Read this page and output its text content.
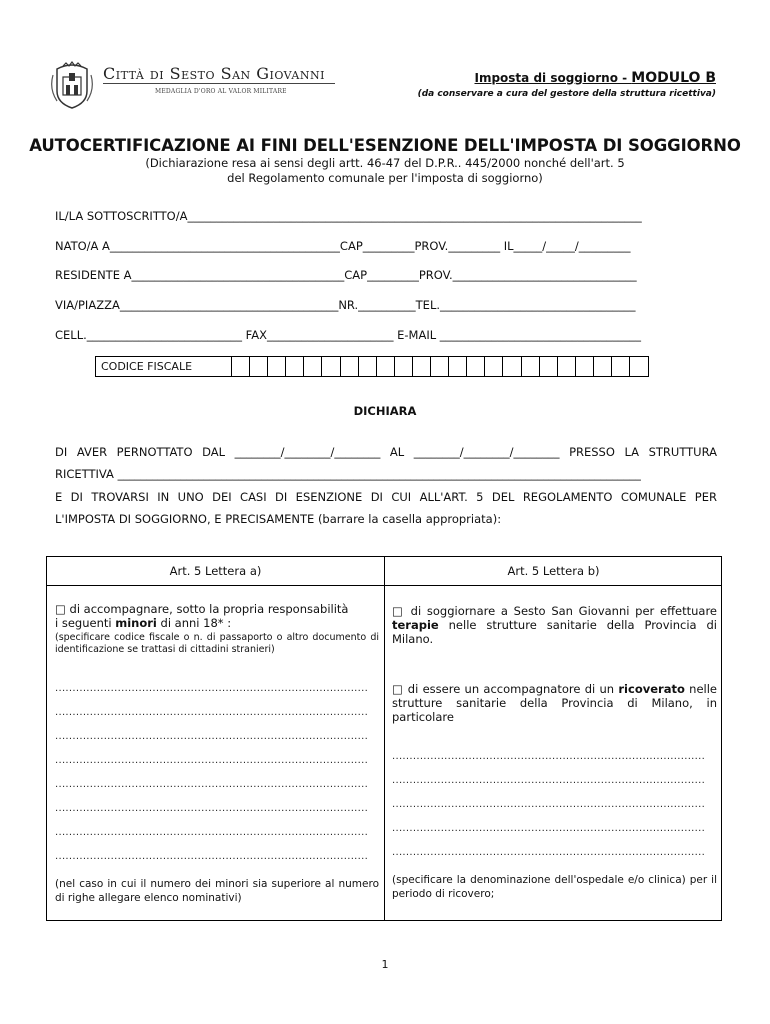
Città di Sesto San Giovanni
MEDAGLIA D'ORO AL VALOR MILITARE
Imposta di soggiorno - MODULO B
(da conservare a cura del gestore della struttura ricettiva)
AUTOCERTIFICAZIONE AI FINI DELL'ESENZIONE DELL'IMPOSTA DI SOGGIORNO
(Dichiarazione resa ai sensi degli artt. 46-47 del D.P.R.. 445/2000 nonché dell'art. 5
del Regolamento comunale per l'imposta di soggiorno)
IL/LA SOTTOSCRITTO/A_______________________________________________________________________________
NATO/A A________________________________________CAP_________PROV._________ IL_____/_____/_________
RESIDENTE A_____________________________________CAP_________PROV.________________________________
VIA/PIAZZA______________________________________NR.__________TEL.__________________________________
CELL.___________________________ FAX______________________ E-MAIL ___________________________________
CODICE FISCALE
DICHIARA
DI AVER PERNOTTATO DAL ________/________/________ AL ________/________/________ PRESSO LA STRUTTURA
RICETTIVA ___________________________________________________________________________________________
E DI TROVARSI IN UNO DEI CASI DI ESENZIONE DI CUI ALL'ART. 5 DEL REGOLAMENTO COMUNALE PER
L'IMPOSTA DI SOGGIORNO, E PRECISAMENTE (barrare la casella appropriata):
Art. 5 Lettera a)	Art. 5 Lettera b)
□ di accompagnare, sotto la propria responsabilità
i seguenti minori di anni 18* :
(specificare codice fiscale o n. di passaporto o altro documento di identificazione se trattasi di cittadini stranieri)
..........................................................................................
..........................................................................................
..........................................................................................
..........................................................................................
..........................................................................................
..........................................................................................
..........................................................................................
..........................................................................................
(nel caso in cui il numero dei minori sia superiore al numero di righe allegare elenco nominativi)
□ di soggiornare a Sesto San Giovanni per effettuare terapie nelle strutture sanitarie della Provincia di Milano.
□ di essere un accompagnatore di un ricoverato nelle strutture sanitarie della Provincia di Milano, in particolare
..........................................................................................
..........................................................................................
..........................................................................................
..........................................................................................
..........................................................................................
(specificare la denominazione dell'ospedale e/o clinica) per il periodo di ricovero;
1
